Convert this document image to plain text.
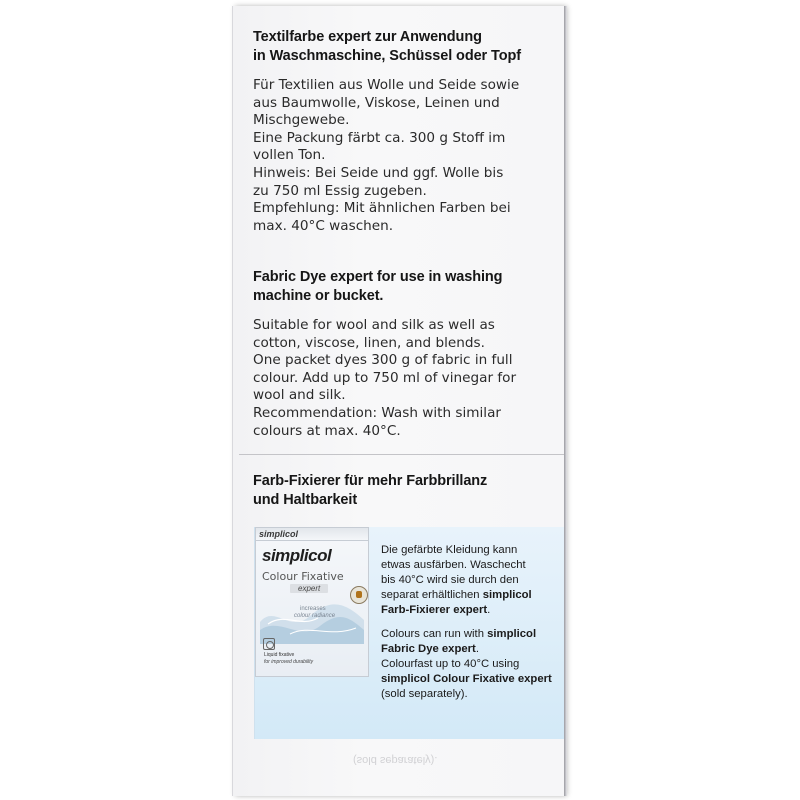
Textilfarbe expert zur Anwendung
in Waschmaschine, Schüssel oder Topf
Für Textilien aus Wolle und Seide sowie
aus Baumwolle, Viskose, Leinen und
Mischgewebe.
Eine Packung färbt ca. 300 g Stoff im
vollen Ton.
Hinweis: Bei Seide und ggf. Wolle bis
zu 750 ml Essig zugeben.
Empfehlung: Mit ähnlichen Farben bei
max. 40°C waschen.
Fabric Dye expert for use in washing
machine or bucket.
Suitable for wool and silk as well as
cotton, viscose, linen, and blends.
One packet dyes 300 g of fabric in full
colour. Add up to 750 ml of vinegar for
wool and silk.
Recommendation: Wash with similar
colours at max. 40°C.
Farb-Fixierer für mehr Farbbrillanz
und Haltbarkeit
simplicol
simplicol
Colour Fixative
expert
increases
colour radiance
Liquid fixative
for improved durability

Die gefärbte Kleidung kann
etwas ausfärben. Waschecht
bis 40°C wird sie durch den
separat erhältlichen simplicol
Farb-Fixierer expert.

Colours can run with simplicol
Fabric Dye expert.
Colourfast up to 40°C using
simplicol Colour Fixative expert
(sold separately).

(sold separately).
